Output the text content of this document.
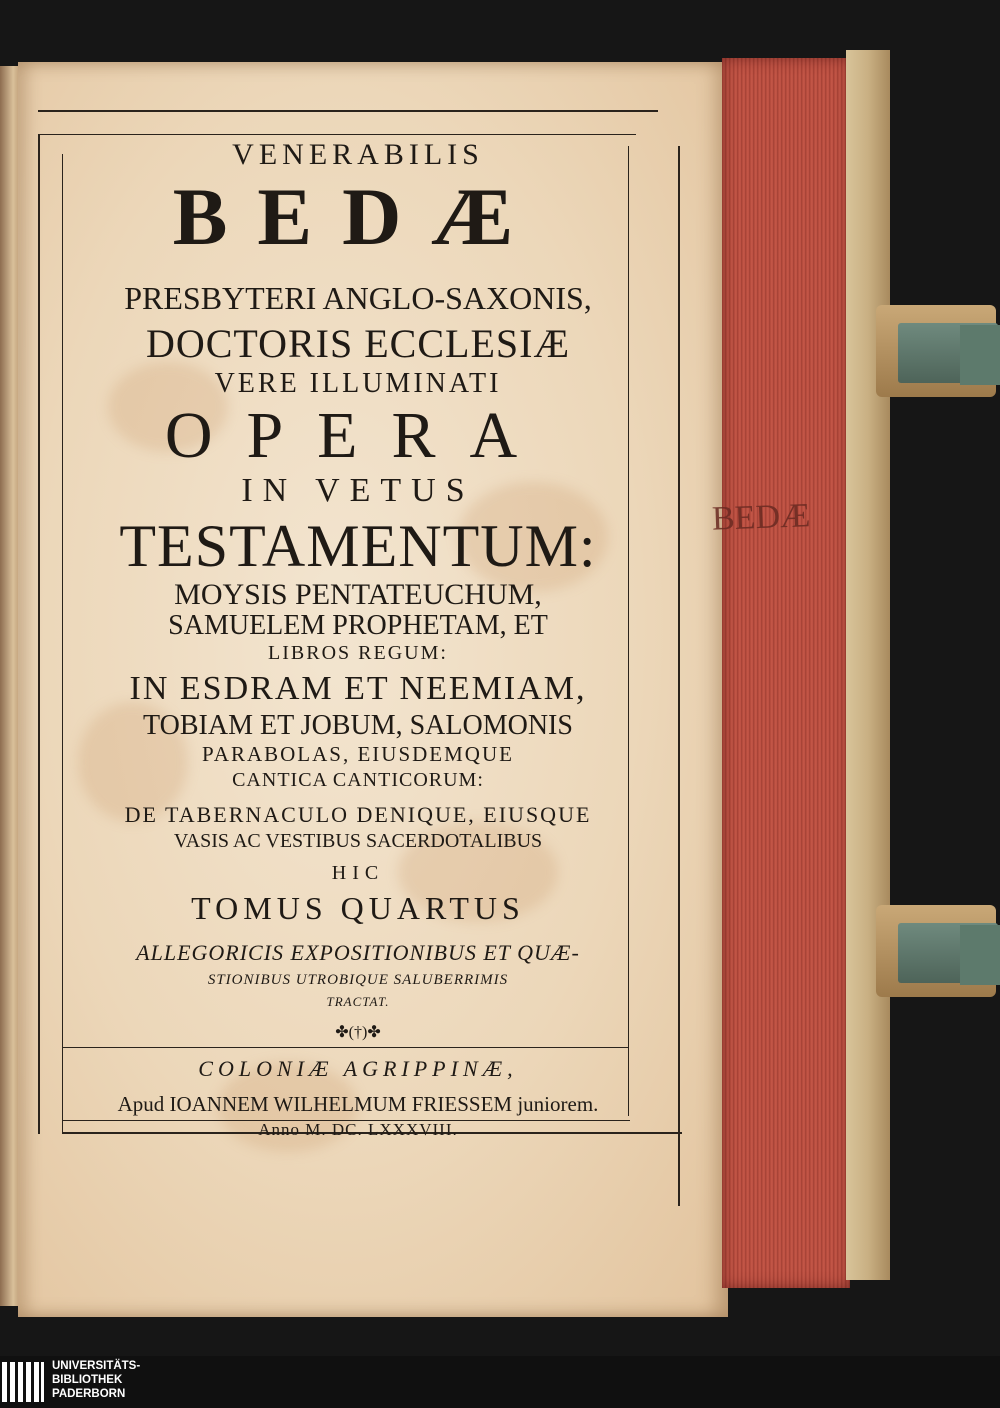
VENERABILIS
BEDÆ
PRESBYTERI ANGLO-SAXONIS,
DOCTORIS ECCLESIÆ
VERE ILLUMINATI
OPERA
IN VETUS
TESTAMENTUM:
MOYSIS PENTATEUCHUM,
SAMUELEM PROPHETAM, ET
LIBROS REGUM:
IN ESDRAM ET NEEMIAM,
TOBIAM ET JOBUM, SALOMONIS
PARABOLAS, EIUSDEMQUE
CANTICA CANTICORUM:
DE TABERNACULO DENIQUE, EIUSQUE
VASIS AC VESTIBUS SACERDOTALIBUS
HIC
TOMUS QUARTUS
ALLEGORICIS EXPOSITIONIBUS ET QUÆ-
STIONIBUS UTROBIQUE SALUBERRIMIS
TRACTAT.
✤(†)✤
COLONIÆ AGRIPPINÆ,
Apud IOANNEM WILHELMUM FRIESSEM juniorem.
Anno M. DC. LXXXVIII.
BEDÆ
UNIVERSITÄTS-
BIBLIOTHEK
PADERBORN
